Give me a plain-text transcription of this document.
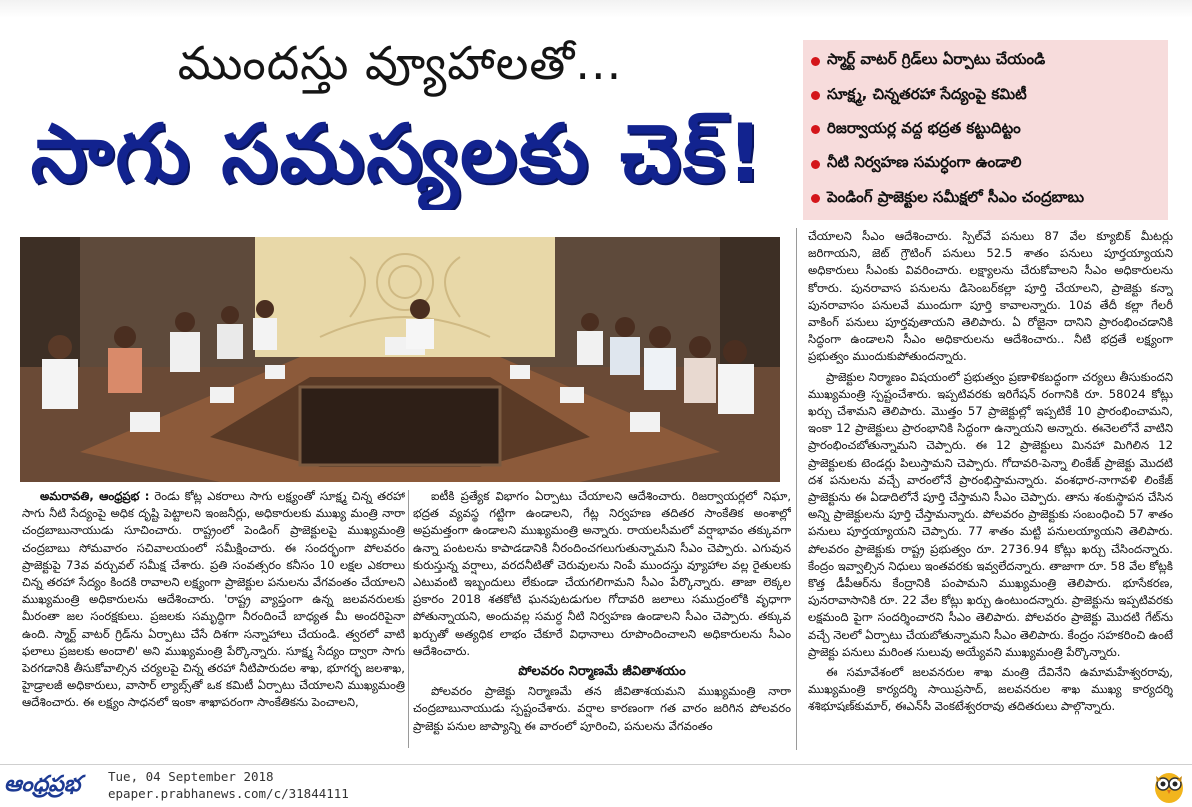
ముందస్తు వ్యూహాలతో...
సాగు సమస్యలకు చెక్!
స్మార్ట్ వాటర్ గ్రిడ్‌లు ఏర్పాటు చేయండి
సూక్ష్మ, చిన్నతరహా సేద్యంపై కమిటీ
రిజర్వాయర్ల వద్ద భద్రత కట్టుదిట్టం
నీటి నిర్వహణ సమర్ధంగా ఉండాలి
పెండింగ్ ప్రాజెక్టుల సమీక్షలో సీఎం చంద్రబాబు

అమరావతి, ఆంధ్రప్రభ : రెండు కోట్ల ఎకరాలు సాగు లక్ష్యంతో సూక్ష్మ చిన్న తరహా సాగు నీటి సేద్యంపై అధిక దృష్టి పెట్టాలని ఇంజనీర్లు, అధికారులకు ముఖ్య మంత్రి నారా చంద్రబాబునాయుడు సూచించారు. రాష్ట్రంలో పెండింగ్ ప్రాజెక్టులపై ముఖ్యమంత్రి చంద్రబాబు సోమవారం సచివాలయంలో సమీక్షించారు. ఈ సందర్భంగా పోలవరం ప్రాజెక్టుపై 73వ వర్చువల్ సమీక్ష చేశారు. ప్రతి సంవత్సరం కనీసం 10 లక్షల ఎకరాలు చిన్న తరహా సేద్యం కిందకి రావాలని లక్ష్యంగా ప్రాజెక్టుల పనులను వేగవంతం చేయాలని ముఖ్యమంత్రి అధికారులను ఆదేశించారు. 'రాష్ట్ర వ్యాప్తంగా ఉన్న జలవనరులకు మీరంతా జల సంరక్షకులు. ప్రజలకు సమృద్ధిగా నీరందించే బాధ్యత మీ అందరిపైనా ఉంది. స్మార్ట్ వాటర్ గ్రిడ్‌ను ఏర్పాటు చేసే దిశగా సన్నాహాలు చేయండి. త్వరలో వాటి ఫలాలు ప్రజలకు అందాలి' అని ముఖ్యమంత్రి పేర్కొన్నారు. సూక్ష్మ సేద్యం ద్వారా సాగు పెరగడానికి తీసుకోవాల్సిన చర్యలపై చిన్న తరహా నీటిపారుదల శాఖ, భూగర్భ జలశాఖ, హైడ్రాలజీ అధికారులు, వాసార్ ల్యాబ్స్‌తో ఒక కమిటీ ఏర్పాటు చేయాలని ముఖ్యమంత్రి ఆదేశించారు. ఈ లక్ష్యం సాధనలో ఇంకా శాఖాపరంగా సాంకేతికను పెంచాలని,

ఐటీకి ప్రత్యేక విభాగం ఏర్పాటు చేయాలని ఆదేశించారు. రిజర్వాయర్లలో నిఘా, భద్రత వ్యవస్థ గట్టిగా ఉండాలని, గేట్ల నిర్వహణ తదితర సాంకేతిక అంశాల్లో అప్రమత్తంగా ఉండాలని ముఖ్యమంత్రి అన్నారు. రాయలసీమలో వర్షాభావం తక్కువగా ఉన్నా పంటలను కాపాడడానికి నీరందించగలుగుతున్నామని సీఎం చెప్పారు. ఎగువున కురుస్తున్న వర్షాలు, వరదనీటితో చెరువులను నింపే ముందస్తు వ్యూహాల వల్ల రైతులకు ఎటువంటి ఇబ్బందులు లేకుండా చేయగలిగామని సీఎం పేర్కొన్నారు. తాజా లెక్కల ప్రకారం 2018 శతకోటి ఘనపుటడుగుల గోదావరి జలాలు సముద్రంలోకి వృధాగా పోతున్నాయని, అందువల్ల సమర్ధ నీటి నిర్వహణ ఉండాలని సీఎం చెప్పారు. తక్కువ ఖర్చుతో అత్యధిక లాభం చేకూరే విధానాలు రూపొందించాలని అధికారులను సీఎం ఆదేశించారు.

పోలవరం నిర్మాణమే జీవితాశయం

పోలవరం ప్రాజెక్టు నిర్మాణమే తన జీవితాశయమని ముఖ్యమంత్రి నారా చంద్రబాబునాయుడు స్పష్టంచేశారు. వర్షాల కారణంగా గత వారం జరిగిన పోలవరం ప్రాజెక్టు పనుల జాప్యాన్ని ఈ వారంలో పూరించి, పనులను వేగవంతం

చేయాలని సీఎం ఆదేశించారు. స్పిల్‌వే పనులు 87 వేల క్యూబిక్ మీటర్లు జరిగాయని, జెట్ గ్రౌటింగ్ పనులు 52.5 శాతం పనులు పూర్తయ్యాయని అధికారులు సీఎంకు వివరించారు. లక్ష్యాలను చేరుకోవాలని సీఎం అధికారులను కోరారు. పునరావాస పనులను డిసెంబర్‌కల్లా పూర్తి చేయాలని, ప్రాజెక్టు కన్నా పునరావాసం పనులవే ముందుగా పూర్తి కావాలన్నారు. 10వ తేదీ కల్లా గేలరీ వాకింగ్ పనులు పూర్తవుతాయని తెలిపారు. ఏ రోజైనా దానిని ప్రారంభించడానికి సిద్ధంగా ఉండాలని సీఎం అధికారులను ఆదేశించారు.. నీటి భద్రతే లక్ష్యంగా ప్రభుత్వం ముందుకుపోతుందన్నారు.

ప్రాజెక్టుల నిర్మాణం విషయంలో ప్రభుత్వం ప్రణాళికబద్ధంగా చర్యలు తీసుకుందని ముఖ్యమంత్రి స్పష్టంచేశారు. ఇప్పటివరకు ఇరిగేషన్ రంగానికి రూ. 58024 కోట్లు ఖర్చు చేశామని తెలిపారు. మొత్తం 57 ప్రాజెక్టుల్లో ఇప్పటికే 10 ప్రారంభించామని, ఇంకా 12 ప్రాజెక్టులు ప్రారంభానికి సిద్ధంగా ఉన్నాయని అన్నారు. ఈనెలలోనే వాటిని ప్రారంభించబోతున్నామని చెప్పారు. ఈ 12 ప్రాజెక్టులు మినహా మిగిలిన 12 ప్రాజెక్టులకు టెండర్లు పిలుస్తామని చెప్పారు. గోదావరి-పెన్నా లింకేజ్ ప్రాజెక్టు మొదటి దశ పనులను వచ్చే వారంలోనే ప్రారంభిస్తామన్నారు. వంశధార-నాగావళి లింకేజ్ ప్రాజెక్టును ఈ ఏడాదిలోనే పూర్తి చేస్తామని సీఎం చెప్పారు. తాను శంకుస్థాపన చేసిన అన్ని ప్రాజెక్టులను పూర్తి చేస్తామన్నారు. పోలవరం ప్రాజెక్టుకు సంబంధించి 57 శాతం పనులు పూర్తయ్యాయని చెప్పారు. 77 శాతం మట్టి పనులయ్యాయని తెలిపారు. పోలవరం ప్రాజెక్టుకు రాష్ట్ర ప్రభుత్వం రూ. 2736.94 కోట్లు ఖర్చు చేసిందన్నారు. కేంద్రం ఇవ్వాల్సిన నిధులు ఇంతవరకు ఇవ్వలేదన్నారు. తాజాగా రూ. 58 వేల కోట్లకి కొత్త డీపీఆర్‌ను కేంద్రానికి పంపామని ముఖ్యమంత్రి తెలిపారు. భూసేకరణ, పునరావాసానికి రూ. 22 వేల కోట్లు ఖర్చు ఉంటుందన్నారు. ప్రాజెక్టును ఇప్పటివరకు లక్షమంది పైగా సందర్శించారని సీఎం తెలిపారు. పోలవరం ప్రాజెక్టు మొదటి గేట్‌ను వచ్చే నెలలో ఏర్పాటు చేయబోతున్నామని సీఎం తెలిపారు. కేంద్రం సహకరించి ఉంటే ప్రాజెక్టు పనులు మరింత సులువు అయ్యేవని ముఖ్యమంత్రి పేర్కొన్నారు.

ఈ సమావేశంలో జలవనరుల శాఖ మంత్రి దేవినేని ఉమామహేశ్వరరావు, ముఖ్యమంత్రి కార్యదర్శి సాయిప్రసాద్, జలవనరుల శాఖ ముఖ్య కార్యదర్శి శశిభూషణ్‌కుమార్, ఈఎన్‌సీ వెంకటేశ్వరరావు తదితరులు పాల్గొన్నారు.

ఆంధ్రప్రభ	Tue, 04 September 2018
epaper.prabhanews.com/c/31844111
